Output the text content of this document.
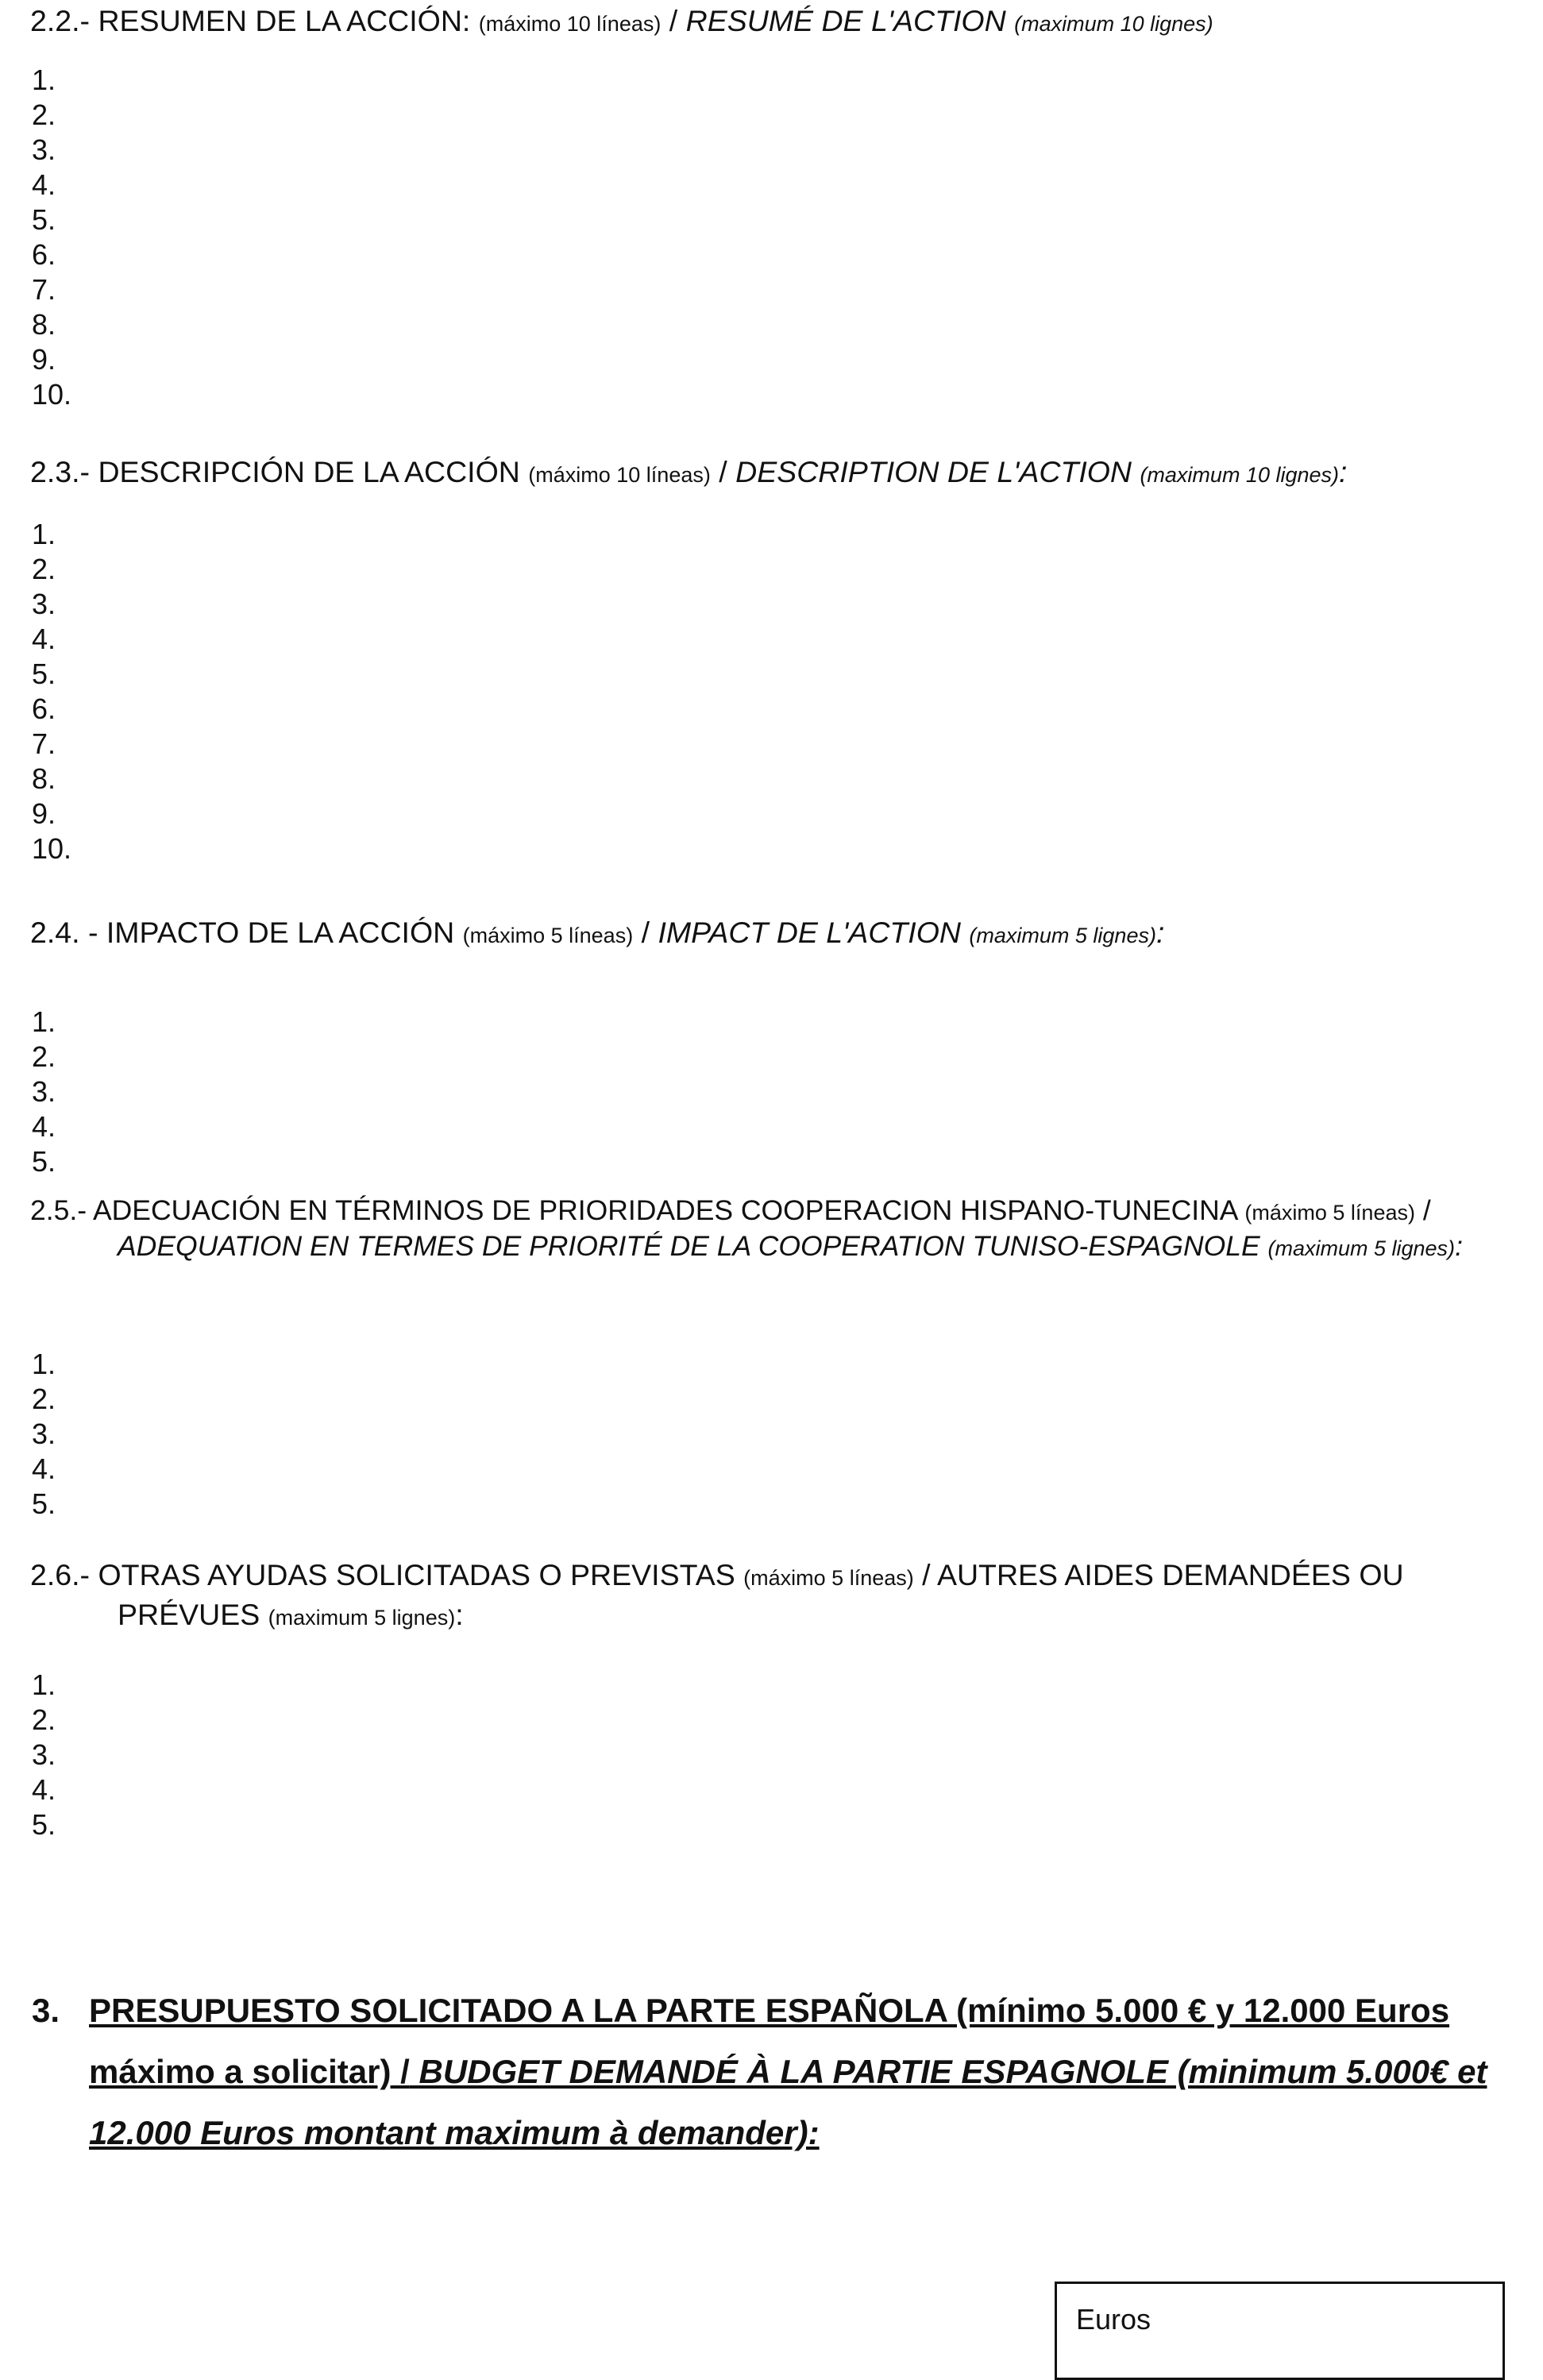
2.2.- RESUMEN DE LA ACCIÓN: (máximo 10 líneas) / RESUMÉ DE L'ACTION (maximum 10 lignes)
1.
2.
3.
4.
5.
6.
7.
8.
9.
10.
2.3.- DESCRIPCIÓN DE LA ACCIÓN (máximo 10 líneas) / DESCRIPTION DE L'ACTION (maximum 10 lignes):
1.
2.
3.
4.
5.
6.
7.
8.
9.
10.
2.4. - IMPACTO DE LA ACCIÓN (máximo 5 líneas) / IMPACT DE L'ACTION (maximum 5 lignes):
1.
2.
3.
4.
5.
2.5.- ADECUACIÓN EN TÉRMINOS DE PRIORIDADES COOPERACION HISPANO-TUNECINA (máximo 5 líneas) / ADEQUATION EN TERMES DE PRIORITÉ DE LA COOPERATION TUNISO-ESPAGNOLE (maximum 5 lignes):
1.
2.
3.
4.
5.
2.6.- OTRAS AYUDAS SOLICITADAS O PREVISTAS (máximo 5 líneas) / AUTRES AIDES DEMANDÉES OU PRÉVUES (maximum 5 lignes):
1.
2.
3.
4.
5.
3. PRESUPUESTO SOLICITADO A LA PARTE ESPAÑOLA (mínimo 5.000 € y 12.000 Euros máximo a solicitar) / BUDGET DEMANDÉ À LA PARTIE ESPAGNOLE (minimum 5.000€ et 12.000 Euros montant maximum à demander):
Euros
